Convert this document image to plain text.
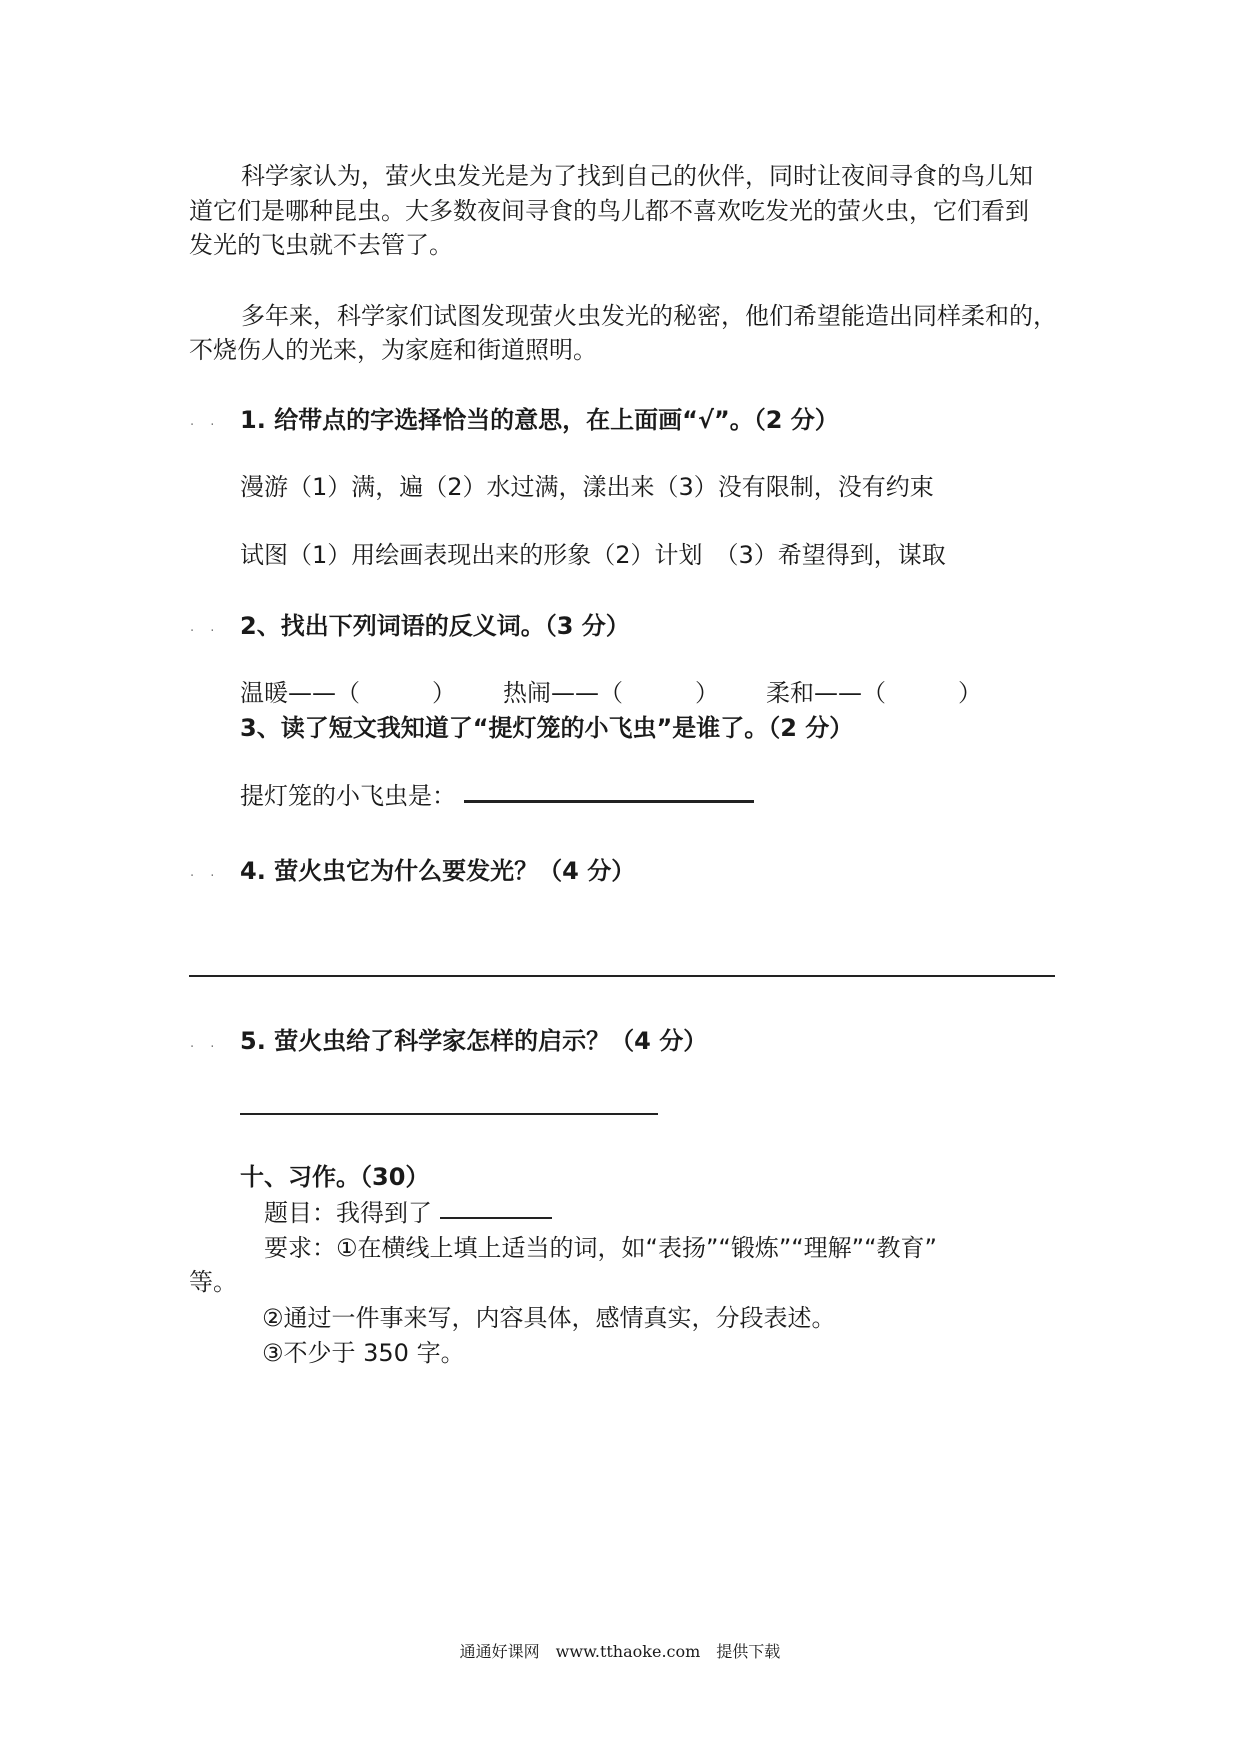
科学家认为，萤火虫发光是为了找到自己的伙伴，同时让夜间寻食的鸟儿知
道它们是哪种昆虫。大多数夜间寻食的鸟儿都不喜欢吃发光的萤火虫，它们看到
发光的飞虫就不去管了。
多年来，科学家们试图发现萤火虫发光的秘密，他们希望能造出同样柔和的，
不烧伤人的光来，为家庭和街道照明。
. . 1. 给带点的字选择恰当的意思，在上面画“√”。（2 分）
漫游（1）满，遍（2）水过满，漾出来（3）没有限制，没有约束
试图（1）用绘画表现出来的形象（2）计划　（3）希望得到，谋取
. . 2、找出下列词语的反义词。（3 分）
温暖——（　　　） 热闹——（　　　） 柔和——（　　　）
3、读了短文我知道了“提灯笼的小飞虫”是谁了。（2 分）
提灯笼的小飞虫是：
. . 4. 萤火虫它为什么要发光？（4 分）
. . 5. 萤火虫给了科学家怎样的启示？（4 分）
十、习作。（30）
题目：我得到了
要求：①在横线上填上适当的词，如“表扬”“锻炼”“理解”“教育”
等。
②通过一件事来写，内容具体，感情真实，分段表述。
③不少于 350 字。
通通好课网　www.tthaoke.com　提供下载
